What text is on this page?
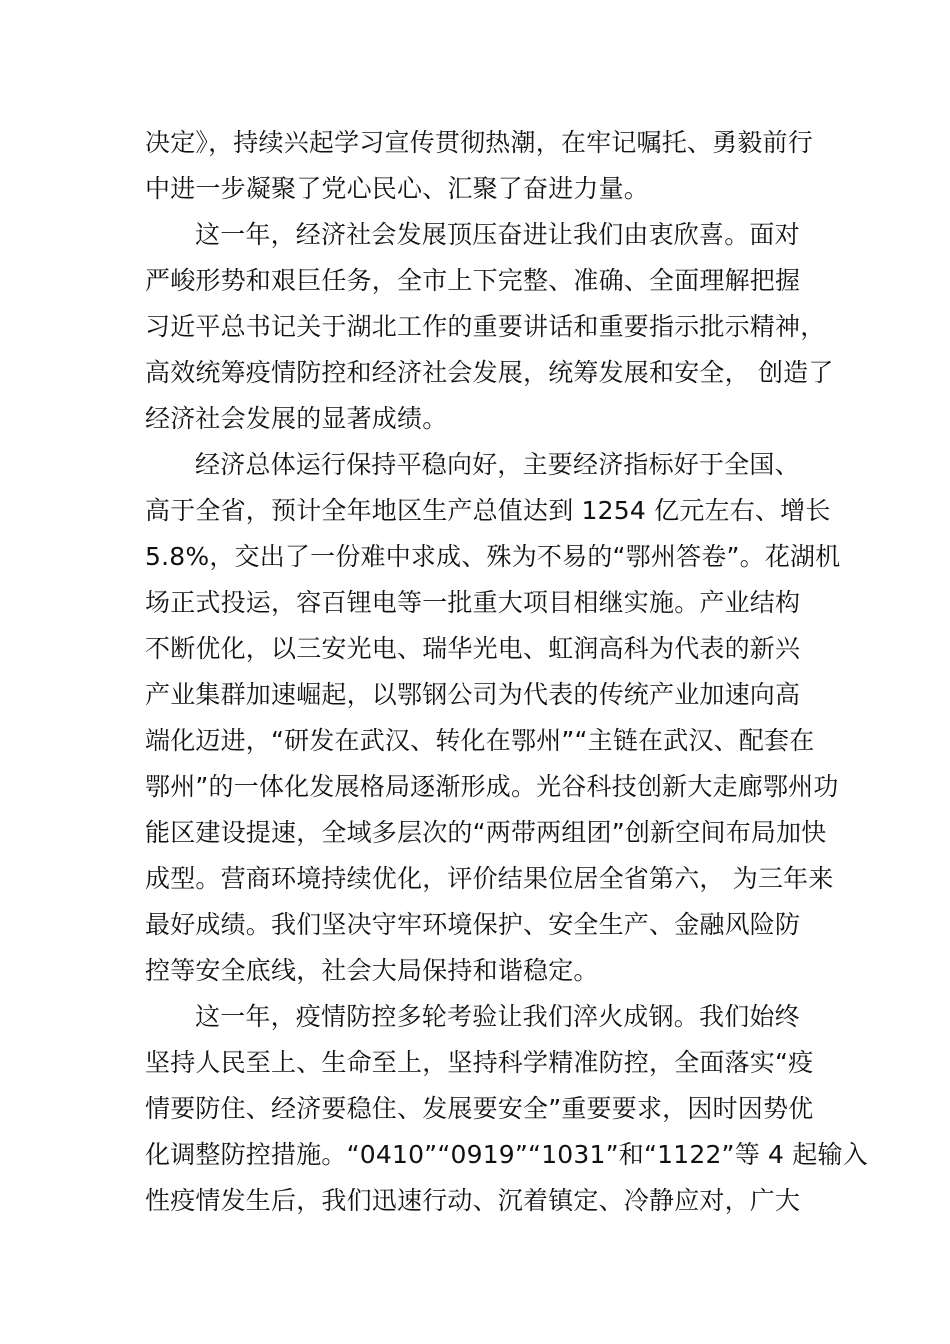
决定》，持续兴起学习宣传贯彻热潮，在牢记嘱托、勇毅前行
中进一步凝聚了党心民心、汇聚了奋进力量。
这一年，经济社会发展顶压奋进让我们由衷欣喜。面对
严峻形势和艰巨任务，全市上下完整、准确、全面理解把握
习近平总书记关于湖北工作的重要讲话和重要指示批示精神，
高效统筹疫情防控和经济社会发展，统筹发展和安全， 创造了
经济社会发展的显著成绩。
经济总体运行保持平稳向好，主要经济指标好于全国、
高于全省，预计全年地区生产总值达到 1254 亿元左右、增长
5.8%，交出了一份难中求成、殊为不易的“鄂州答卷”。花湖机
场正式投运，容百锂电等一批重大项目相继实施。产业结构
不断优化，以三安光电、瑞华光电、虹润高科为代表的新兴
产业集群加速崛起，以鄂钢公司为代表的传统产业加速向高
端化迈进，“研发在武汉、转化在鄂州”“主链在武汉、配套在
鄂州”的一体化发展格局逐渐形成。光谷科技创新大走廊鄂州功
能区建设提速，全域多层次的“两带两组团”创新空间布局加快
成型。营商环境持续优化，评价结果位居全省第六， 为三年来
最好成绩。我们坚决守牢环境保护、安全生产、金融风险防
控等安全底线，社会大局保持和谐稳定。
这一年，疫情防控多轮考验让我们淬火成钢。我们始终
坚持人民至上、生命至上，坚持科学精准防控，全面落实“疫
情要防住、经济要稳住、发展要安全”重要要求，因时因势优
化调整防控措施。“0410”“0919”“1031”和“1122”等 4 起输入
性疫情发生后，我们迅速行动、沉着镇定、冷静应对，广大
